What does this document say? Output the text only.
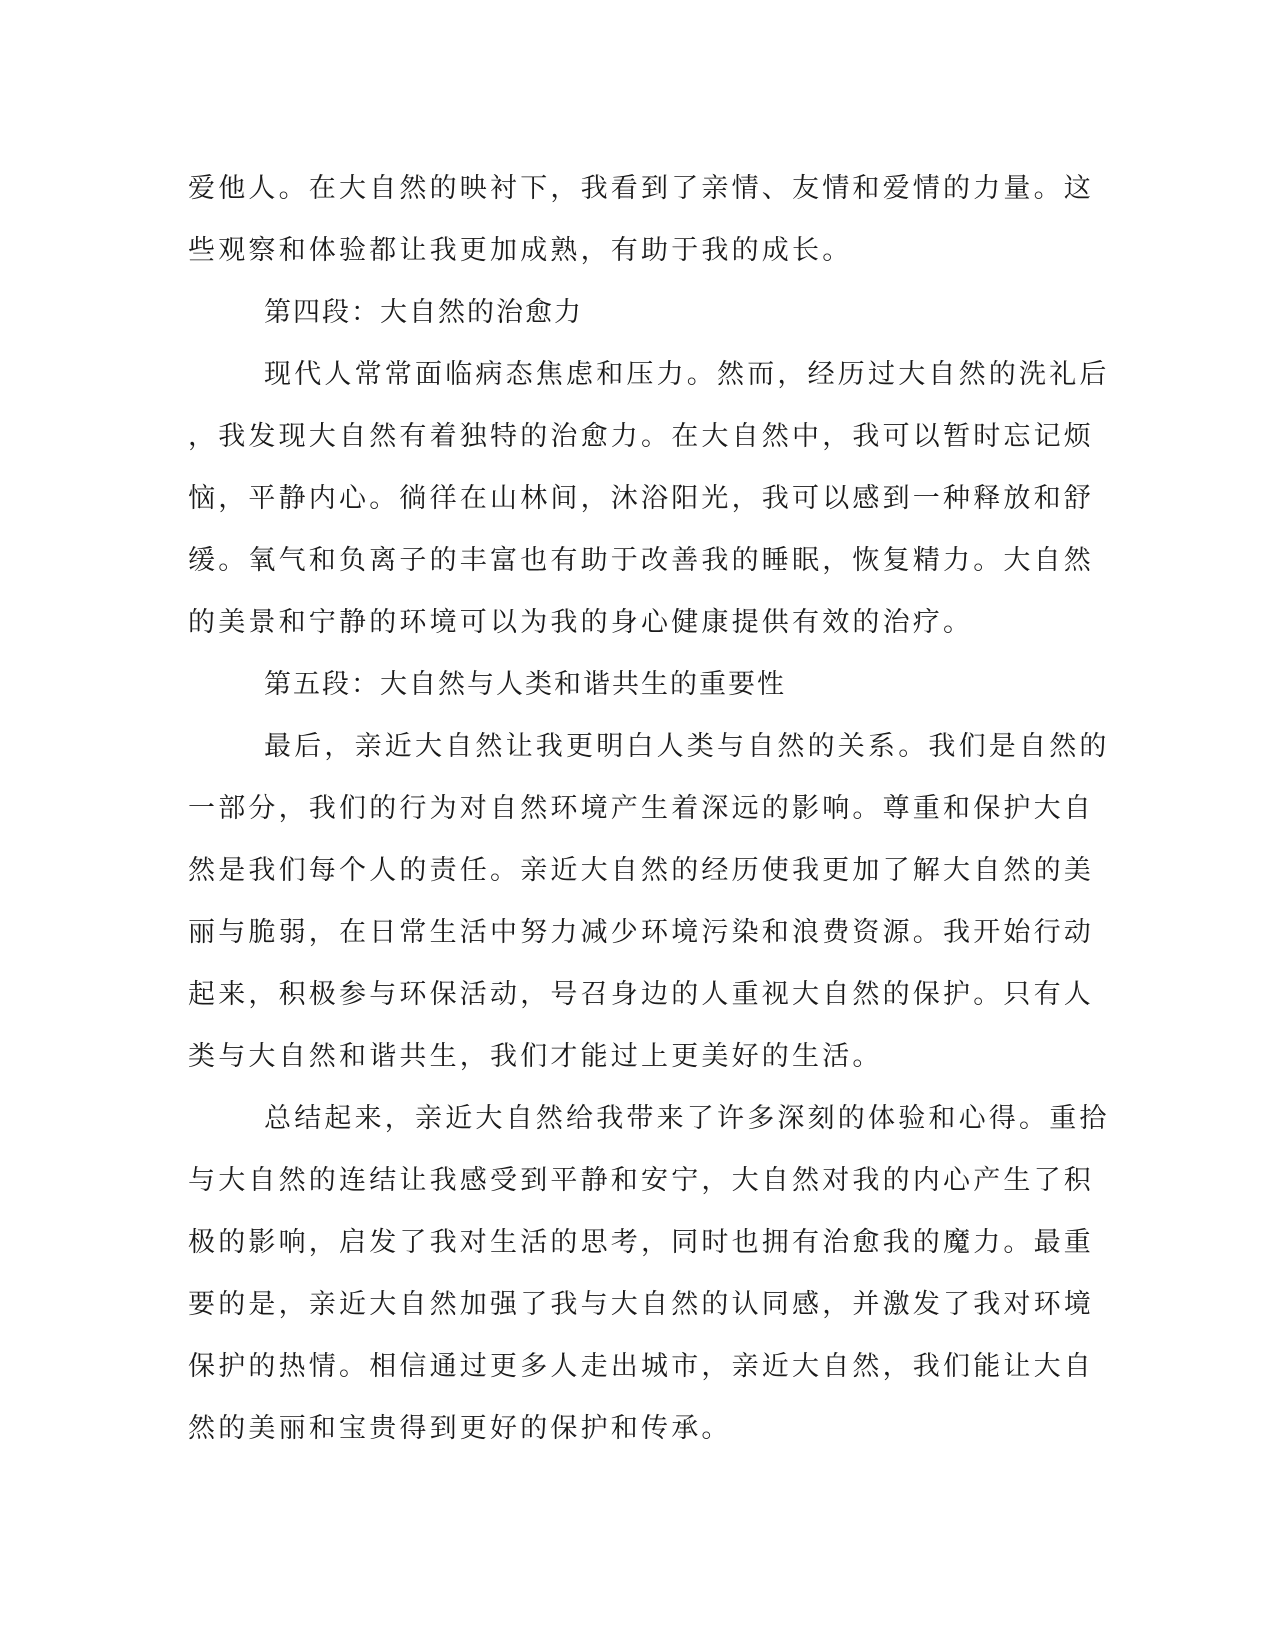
爱他人。在大自然的映衬下，我看到了亲情、友情和爱情的力量。这
些观察和体验都让我更加成熟，有助于我的成长。
第四段：大自然的治愈力
现代人常常面临病态焦虑和压力。然而，经历过大自然的洗礼后
，我发现大自然有着独特的治愈力。在大自然中，我可以暂时忘记烦
恼，平静内心。徜徉在山林间，沐浴阳光，我可以感到一种释放和舒
缓。氧气和负离子的丰富也有助于改善我的睡眠，恢复精力。大自然
的美景和宁静的环境可以为我的身心健康提供有效的治疗。
第五段：大自然与人类和谐共生的重要性
最后，亲近大自然让我更明白人类与自然的关系。我们是自然的
一部分，我们的行为对自然环境产生着深远的影响。尊重和保护大自
然是我们每个人的责任。亲近大自然的经历使我更加了解大自然的美
丽与脆弱，在日常生活中努力减少环境污染和浪费资源。我开始行动
起来，积极参与环保活动，号召身边的人重视大自然的保护。只有人
类与大自然和谐共生，我们才能过上更美好的生活。
总结起来，亲近大自然给我带来了许多深刻的体验和心得。重拾
与大自然的连结让我感受到平静和安宁，大自然对我的内心产生了积
极的影响，启发了我对生活的思考，同时也拥有治愈我的魔力。最重
要的是，亲近大自然加强了我与大自然的认同感，并激发了我对环境
保护的热情。相信通过更多人走出城市，亲近大自然，我们能让大自
然的美丽和宝贵得到更好的保护和传承。
